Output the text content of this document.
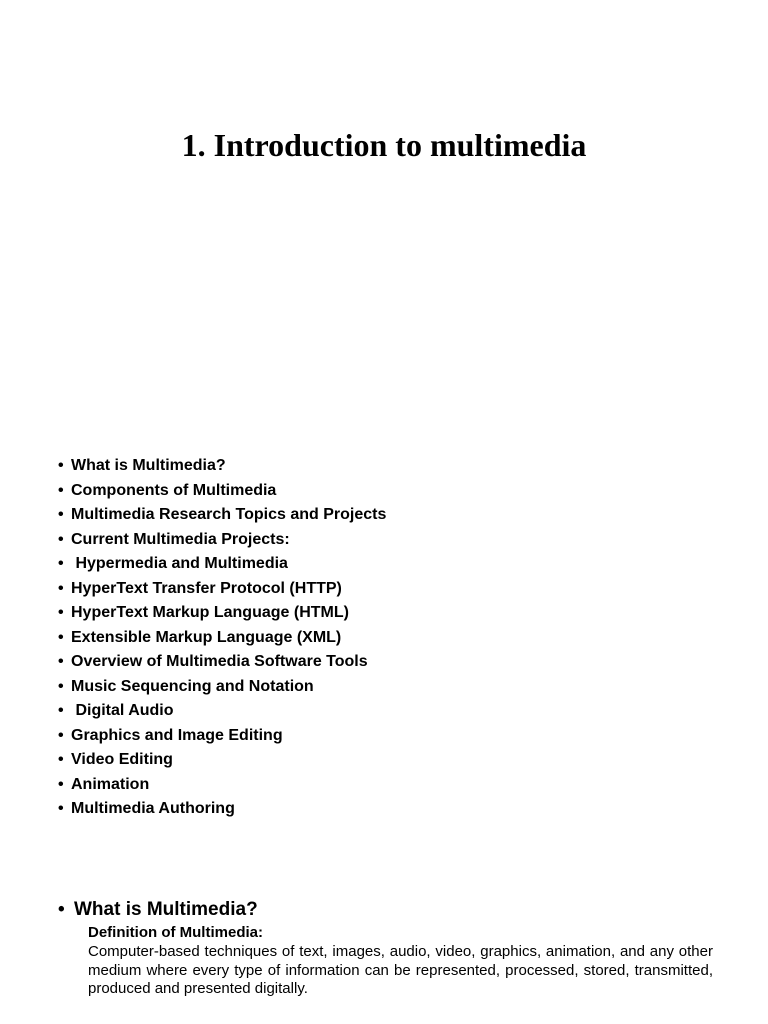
1. Introduction to multimedia
• What is Multimedia?
• Components of Multimedia
• Multimedia Research Topics and Projects
• Current Multimedia Projects:
• Hypermedia and Multimedia
• HyperText Transfer Protocol (HTTP)
• HyperText Markup Language (HTML)
• Extensible Markup Language (XML)
• Overview of Multimedia Software Tools
• Music Sequencing and Notation
• Digital Audio
• Graphics and Image Editing
• Video Editing
• Animation
• Multimedia Authoring

• What is Multimedia?

Definition of Multimedia:

Computer-based techniques of text, images, audio, video, graphics, animation, and any other medium where every type of information can be represented, processed, stored, transmitted, produced and presented digitally.
